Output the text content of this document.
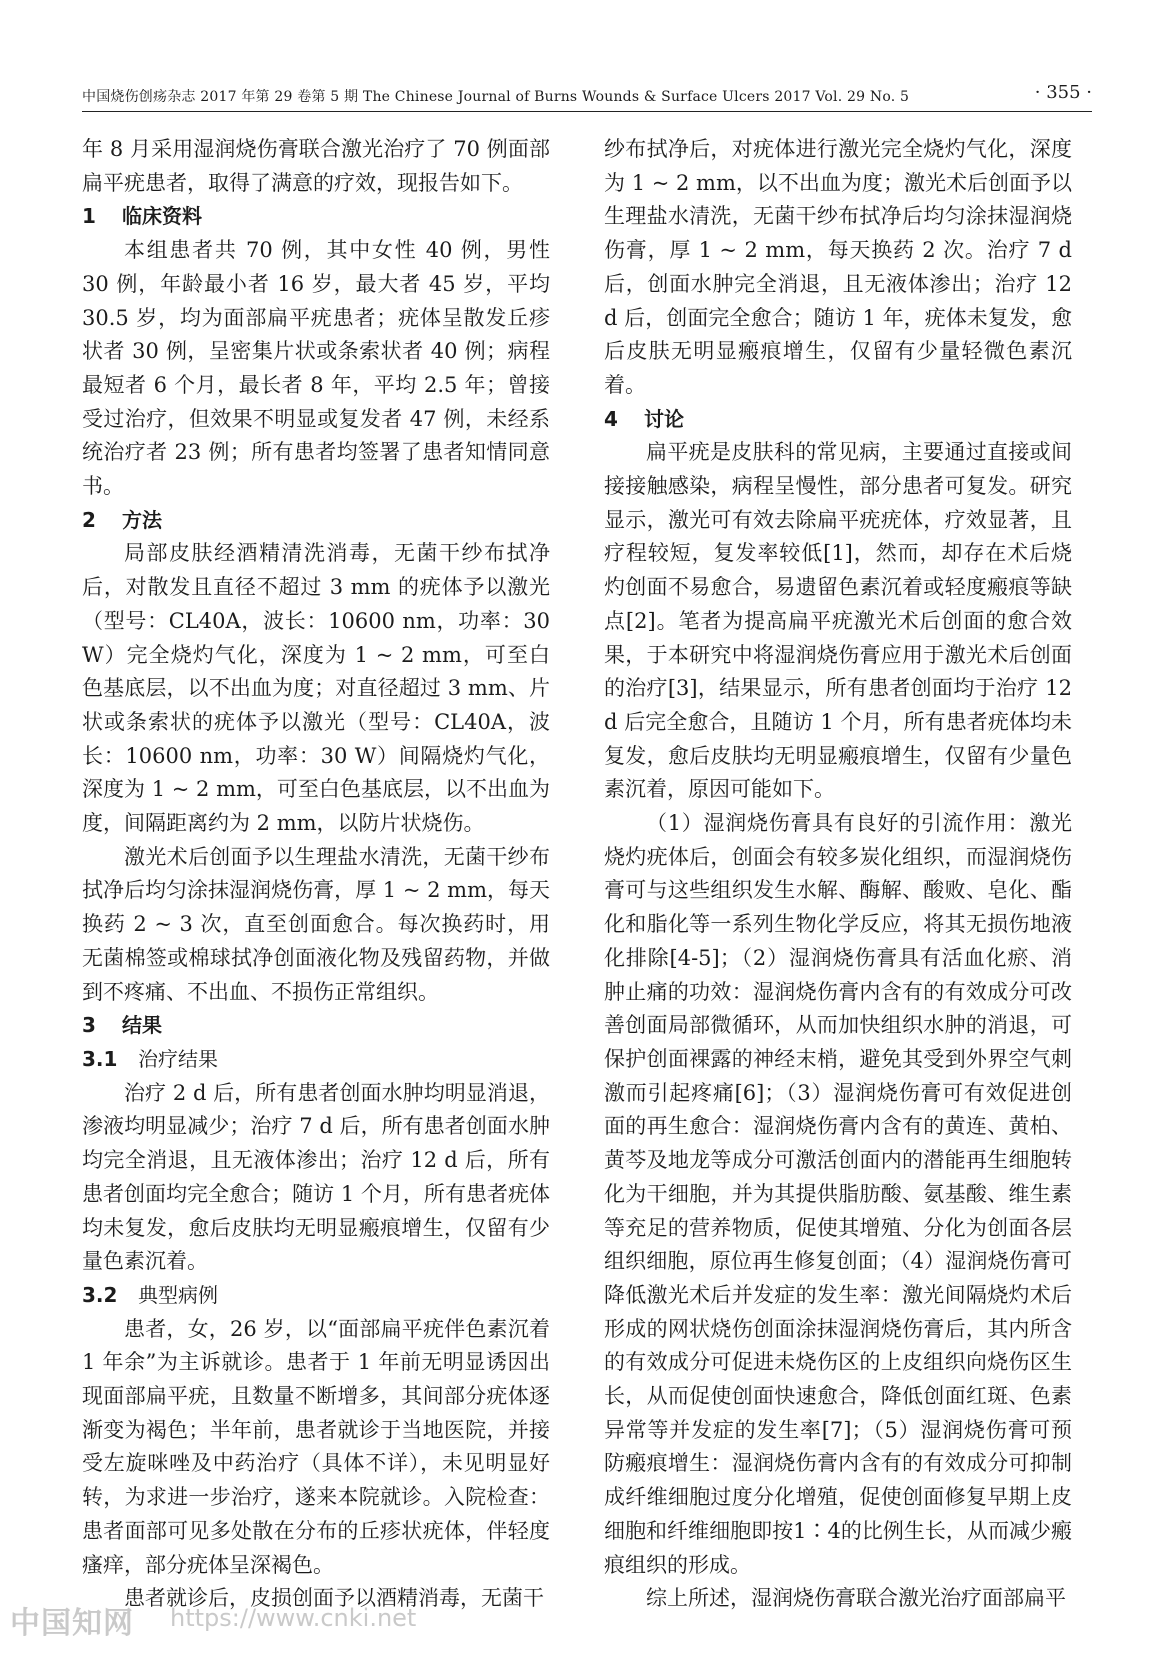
中国烧伤创疡杂志 2017 年第 29 卷第 5 期 The Chinese Journal of Burns Wounds & Surface Ulcers 2017 Vol. 29 No. 5	· 355 ·

年 8 月采用湿润烧伤膏联合激光治疗了 70 例面部扁平疣患者，取得了满意的疗效，现报告如下。

1 临床资料

本组患者共 70 例，其中女性 40 例，男性 30 例，年龄最小者 16 岁，最大者 45 岁，平均 30.5 岁，均为面部扁平疣患者；疣体呈散发丘疹状者 30 例，呈密集片状或条索状者 40 例；病程最短者 6 个月，最长者 8 年，平均 2.5 年；曾接受过治疗，但效果不明显或复发者 47 例，未经系统治疗者 23 例；所有患者均签署了患者知情同意书。

2 方法

局部皮肤经酒精清洗消毒，无菌干纱布拭净后，对散发且直径不超过 3 mm 的疣体予以激光（型号：CL40A，波长：10600 nm，功率：30 W）完全烧灼气化，深度为 1 ~ 2 mm，可至白色基底层，以不出血为度；对直径超过 3 mm、片状或条索状的疣体予以激光（型号：CL40A，波长：10600 nm，功率：30 W）间隔烧灼气化，深度为 1 ~ 2 mm，可至白色基底层，以不出血为度，间隔距离约为 2 mm，以防片状烧伤。

激光术后创面予以生理盐水清洗，无菌干纱布拭净后均匀涂抹湿润烧伤膏，厚 1 ~ 2 mm，每天换药 2 ~ 3 次，直至创面愈合。每次换药时，用无菌棉签或棉球拭净创面液化物及残留药物，并做到不疼痛、不出血、不损伤正常组织。

3 结果

3.1 治疗结果

治疗 2 d 后，所有患者创面水肿均明显消退，渗液均明显减少；治疗 7 d 后，所有患者创面水肿均完全消退，且无液体渗出；治疗 12 d 后，所有患者创面均完全愈合；随访 1 个月，所有患者疣体均未复发，愈后皮肤均无明显瘢痕增生，仅留有少量色素沉着。

3.2 典型病例

患者，女，26 岁，以“面部扁平疣伴色素沉着 1 年余”为主诉就诊。患者于 1 年前无明显诱因出现面部扁平疣，且数量不断增多，其间部分疣体逐渐变为褐色；半年前，患者就诊于当地医院，并接受左旋咪唑及中药治疗（具体不详），未见明显好转，为求进一步治疗，遂来本院就诊。入院检查：患者面部可见多处散在分布的丘疹状疣体，伴轻度瘙痒，部分疣体呈深褐色。

患者就诊后，皮损创面予以酒精消毒，无菌干

纱布拭净后，对疣体进行激光完全烧灼气化，深度为 1 ~ 2 mm，以不出血为度；激光术后创面予以生理盐水清洗，无菌干纱布拭净后均匀涂抹湿润烧伤膏，厚 1 ~ 2 mm，每天换药 2 次。治疗 7 d 后，创面水肿完全消退，且无液体渗出；治疗 12 d 后，创面完全愈合；随访 1 年，疣体未复发，愈后皮肤无明显瘢痕增生，仅留有少量轻微色素沉着。

4 讨论

扁平疣是皮肤科的常见病，主要通过直接或间接接触感染，病程呈慢性，部分患者可复发。研究显示，激光可有效去除扁平疣疣体，疗效显著，且疗程较短，复发率较低[1]，然而，却存在术后烧灼创面不易愈合，易遗留色素沉着或轻度瘢痕等缺点[2]。笔者为提高扁平疣激光术后创面的愈合效果，于本研究中将湿润烧伤膏应用于激光术后创面的治疗[3]，结果显示，所有患者创面均于治疗 12 d 后完全愈合，且随访 1 个月，所有患者疣体均未复发，愈后皮肤均无明显瘢痕增生，仅留有少量色素沉着，原因可能如下。

（1）湿润烧伤膏具有良好的引流作用：激光烧灼疣体后，创面会有较多炭化组织，而湿润烧伤膏可与这些组织发生水解、酶解、酸败、皂化、酯化和脂化等一系列生物化学反应，将其无损伤地液化排除[4-5]；（2）湿润烧伤膏具有活血化瘀、消肿止痛的功效：湿润烧伤膏内含有的有效成分可改善创面局部微循环，从而加快组织水肿的消退，可保护创面裸露的神经末梢，避免其受到外界空气刺激而引起疼痛[6]；（3）湿润烧伤膏可有效促进创面的再生愈合：湿润烧伤膏内含有的黄连、黄柏、黄芩及地龙等成分可激活创面内的潜能再生细胞转化为干细胞，并为其提供脂肪酸、氨基酸、维生素等充足的营养物质，促使其增殖、分化为创面各层组织细胞，原位再生修复创面；（4）湿润烧伤膏可降低激光术后并发症的发生率：激光间隔烧灼术后形成的网状烧伤创面涂抹湿润烧伤膏后，其内所含的有效成分可促进未烧伤区的上皮组织向烧伤区生长，从而促使创面快速愈合，降低创面红斑、色素异常等并发症的发生率[7]；（5）湿润烧伤膏可预防瘢痕增生：湿润烧伤膏内含有的有效成分可抑制成纤维细胞过度分化增殖，促使创面修复早期上皮细胞和纤维细胞即按1∶4的比例生长，从而减少瘢痕组织的形成。

综上所述，湿润烧伤膏联合激光治疗面部扁平

中国知网 https://www.cnki.net
